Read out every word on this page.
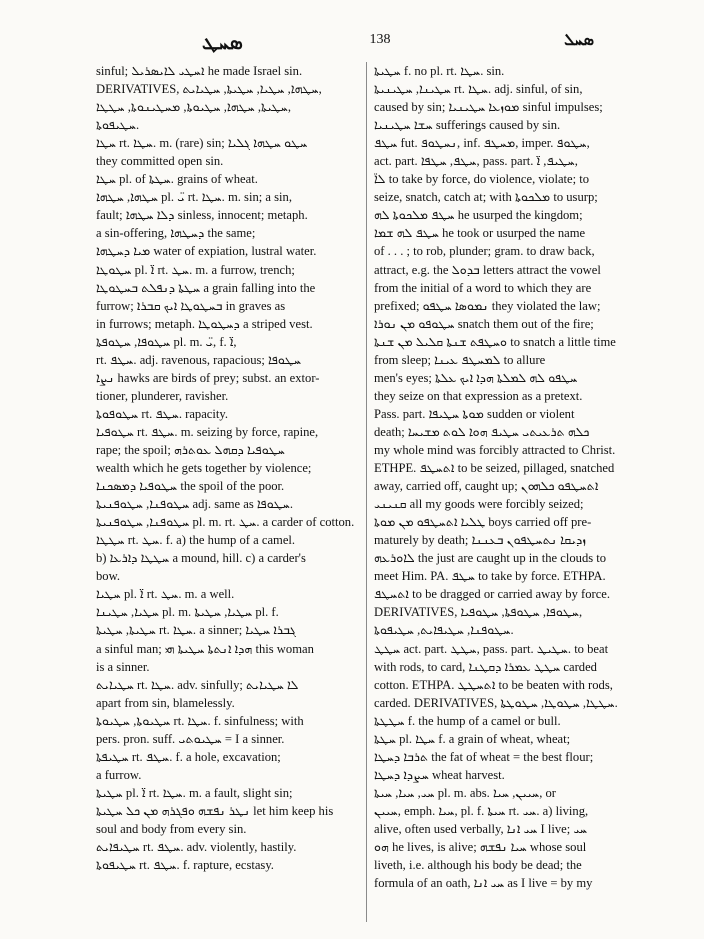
ܣܚܛ	138	ܣܚܠ

sinful; ܐܚܛܝ ܠܐܝܣܪܝܠ he made Israel sin.

DERIVATIVES, ܚܛܗܐ, ܚܛܝܐ, ܚܛܝܬܐ, ܚܛܝܐܝܬ,

ܚܛܝܬܐ, ܚܛܗܐ, ܚܛܝܘܬܐ, ܡܚܛܝܢܘܬܐ, ܚܛܛܐ,

ܚܛܝܦܘܬܐ.

ܚܛܐ rt. ܚܛܐ. m. (rare) sin; ܚܛܘ ܚܛܗܐ ܓܠܝܐ

they committed open sin.

ܚܛܐ pl. of ܚܛܬܐ. grains of wheat.

ܚܛܗܐ, ܚܛܗܐ pl. ܝ̈ rt. ܚܛܐ. m. sin; a sin,

fault; ܕܠܐ ܚܛܗܐ sinless, innocent; metaph.

a sin-offering, ܕܚܛܗܐ the same;

ܡܝܐ ܕܚܛܗܐ water of expiation, lustral water.

ܚܛܘܛܐ pl. ܐ̈ rt. ܚܛ. m. a furrow, trench;

ܚܛܬܐ ܕܢܦܠܬ ܒܚܛܘܛܐ a grain falling into the

furrow; ܒܚܛܘܛܐ ܐܝܟ ܩܒܪܐ in graves as

in furrows; metaph. ܕܚܛܘܛܐ a striped vest.

ܚܛܘܦܐ, ܚܛܘܦܬܐ pl. m. ܝ̈, f. ܐ̈,

rt. ܚܛܦ. adj. ravenous, rapacious; ܚܛܘܦܐ

ܢܨܐ hawks are birds of prey; subst. an extor-

tioner, plunderer, ravisher.

ܚܛܘܦܘܬܐ rt. ܚܛܦ. rapacity.

ܚܛܘܦܝܐ rt. ܚܛܦ. m. seizing by force, rapine,

rape; the spoil; ܚܛܘܦܝܐ ܕܩܗܠ ܥܘܬܪܗ

wealth which he gets together by violence;

ܚܛܘܦܝܐ ܕܡܣܟܢܐ the spoil of the poor.

ܚܛܘܦܢܐ, ܚܛܘܦܢܝܬܐ adj. same as ܚܛܘܦܐ.

ܚܛܘܦܢܐ, ܚܛܘܦܢܝܬܐ pl. m. rt. ܚܛ. a carder of cotton.

ܚܛܛܐ rt. ܚܛ. f. a) the hump of a camel.

b) ܚܛܛܐ ܕܐܪܥܐ a mound, hill. c) a carder's

bow.

ܚܛܝܐ pl. ܐ̈ rt. ܚܛ. m. a well.

ܚܛܝܐ, ܚܛܝܢܐ pl. m. ܚܛܝܐ, ܚܛܝܬܐ pl. f.

ܚܛܝܬܐ, ܚܛܝܬܐ rt. ܚܛܐ. a sinner; ܓܒܪܐ ܚܛܝܐ

a sinful man; ܗܕܐ ܐܢܬܬܐ ܚܛܝܬܐ ܗܝ this woman

is a sinner.

ܚܛܝܐܝܬ rt. ܚܛܐ. adv. sinfully; ܠܐ ܚܛܝܐܝܬ

apart from sin, blamelessly.

ܚܛܝܘܬܐ, ܚܛܝܘܬܐ rt. ܚܛܐ. f. sinfulness; with

pers. pron. suff. ܚܛܝܘܬܝ = I a sinner.

ܚܛܝܦܬܐ rt. ܚܛܦ. f. a hole, excavation;

a furrow.

ܚܛܝܬܐ pl. ܐ̈ rt. ܚܛܐ. m. a fault, slight sin;

ܢܛܪ ܢܦܫܗ ܘܦܓܪܗ ܡܢ ܟܠ ܚܛܝܬܐ let him keep his

soul and body from every sin.

ܚܛܝܦܐܝܬ rt. ܚܛܦ. adv. violently, hastily.

ܚܛܝܦܘܬܐ rt. ܚܛܦ. f. rapture, ecstasy.

ܚܛܝܬܐ f. no pl. rt. ܚܛܐ. sin.

ܚܛܝܢܐ, ܚܛܝܢܝܬܐ rt. ܚܛܐ. adj. sinful, of sin,

caused by sin; ܡܘܙܥܐ ܚܛܝܢܝܐ sinful impulses;

ܚܫܐ ܚܛܝܢܝܐ sufferings caused by sin.

ܚܛܦ fut. ܢܚܛܘܦ, inf. ܡܚܛܦ, imper. ܚܛܘܦ,

act. part. ܚܛܦ, ܚܛܦܐ, pass. part. ܚܛܝܦ, ܐ̈,

ܠܐ̈ to take by force, do violence, violate; to

seize, snatch, catch at; with ܡܠܟܘܬܐ to usurp;

ܚܛܦ ܡܠܟܘܬܐ ܠܗ he usurped the kingdom;

ܚܛܦ ܠܗ ܫܡܐ he took or usurped the name

of . . . ; to rob, plunder; gram. to draw back,

attract, e.g. the ܒܕܘܠ letters attract the vowel

from the initial of a word to which they are

prefixed; ܢܡܘܣܐ ܚܛܦܘ they violated the law;

ܚܛܘܦܘ ܡܢ ܢܘܪܐ snatch them out of the fire;

ܘܚܛܦܬ ܫܢܬܐ ܩܠܝܠ ܡܢ ܫܢܬܐ to snatch a little time

from sleep; ܠܡܚܛܦ ܥܝܢܐ to allure

men's eyes; ܚܛܦܘ ܠܗ ܠܡܠܬܐ ܗܕܐ ܐܝܟ ܥܠܬܐ

they seize on that expression as a pretext.

Pass. part. ܡܘܬܐ ܚܛܝܦܐ sudden or violent

death; ܟܠܗ ܬܪܥܝܬܝ ܚܛܝܦ ܗܘܐ ܠܘܬ ܡܫܝܚܐ

my whole mind was forcibly attracted to Christ.

ETHPE. ܐܬܚܛܦ to be seized, pillaged, snatched

away, carried off, caught up; ܐܬܚܛܦܘ ܟܠܗܘܢ

ܩܢܝܢܝ all my goods were forcibly seized;

ܛܠܝܐ ܐܬܚܛܦܘ ܡܢ ܡܘܬܐ boys carried off pre-

maturely by death; ܙܕܝܩܐ ܢܬܚܛܦܘܢ ܒܥܢܢܐ

ܠܐܘܪܥܗ the just are caught up in the clouds to

meet Him. PA. ܚܛܦ to take by force. ETHPA.

ܐܬܚܛܦ to be dragged or carried away by force.

DERIVATIVES, ܚܛܘܦܐ, ܚܛܘܦܬܐ, ܚܛܘܦܝܐ,

ܚܛܘܦܢܐ, ܚܛܝܦܐܝܬ, ܚܛܝܦܘܬܐ.

ܚܛܛ act. part. ܚܛܛ, pass. part. ܚܛܝܛ. to beat

with rods, to card, ܚܛܛ ܥܡܪܐ ܕܩܛܢܐ carded

cotton. ETHPA. ܐܬܚܛܛ to be beaten with rods,

carded. DERIVATIVES, ܚܛܛܐ, ܚܛܘܛܐ, ܚܛܘܛܬܐ.

ܚܛܛܬܐ f. the hump of a camel or bull.

ܚܛܬܐ pl. ܚܛܐ f. a grain of wheat, wheat;

ܬܪܒܐ ܕܚܛܐ the fat of wheat = the best flour;

ܚܨܕܐ ܕܚܛܐ wheat harvest.

ܚܝ, ܚܝܐ, ܚܝܬܐ pl. m. abs. ܚܝܝܢ, ܚܝܐ, or

ܚܝܝܢ, emph. ܚܝܐ, pl. f. ܚܝܬܐ rt. ܚܝ. a) living,

alive, often used verbally, ܚܝ ܐܢܐ I live; ܚܝ

ܗܘ he lives, is alive; ܚܝܐ ܢܦܫܗ whose soul

liveth, i.e. although his body be dead; the

formula of an oath, ܚܝ ܐܢܐ as I live = by my
